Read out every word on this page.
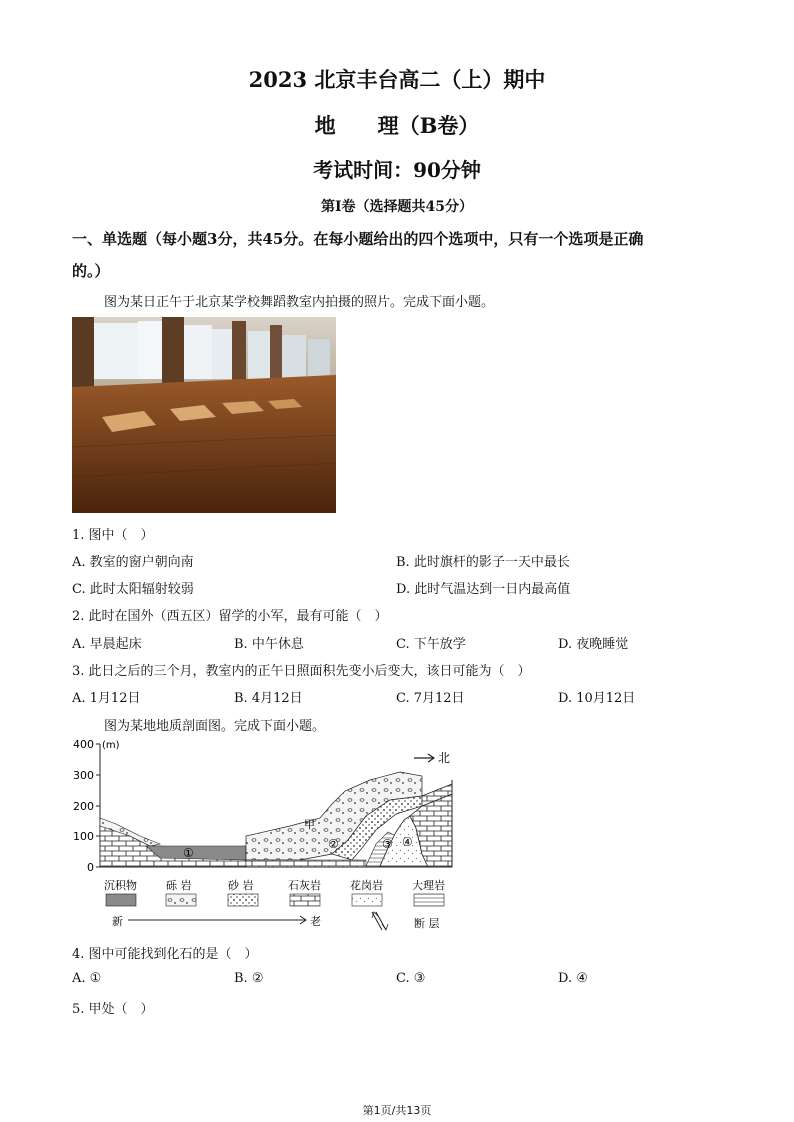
2023 北京丰台高二（上）期中
地　　理（B卷）
考试时间：90分钟
第Ⅰ卷（选择题共45分）
一、单选题（每小题3分，共45分。在每小题给出的四个选项中，只有一个选项是正确
的。）
图为某日正午于北京某学校舞蹈教室内拍摄的照片。完成下面小题。
1. 图中（　）
A. 教室的窗户朝向南	B. 此时旗杆的影子一天中最长
C. 此时太阳辐射较弱	D. 此时气温达到一日内最高值
2. 此时在国外（西五区）留学的小军，最有可能（　）
A. 早晨起床	B. 中午休息	C. 下午放学	D. 夜晚睡觉
3. 此日之后的三个月，教室内的正午日照面积先变小后变大，该日可能为（　）
A. 1月12日	B. 4月12日	C. 7月12日	D. 10月12日
图为某地地质剖面图。完成下面小题。
400 (m)
300
200
100
0
①
②	③ ④
甲
北
沉积物	砾 岩	砂 岩	石灰岩	花岗岩	大理岩
新	老	断 层
4. 图中可能找到化石的是（　）
A. ①	B. ②	C. ③	D. ④
5. 甲处（　）
第1页/共13页
